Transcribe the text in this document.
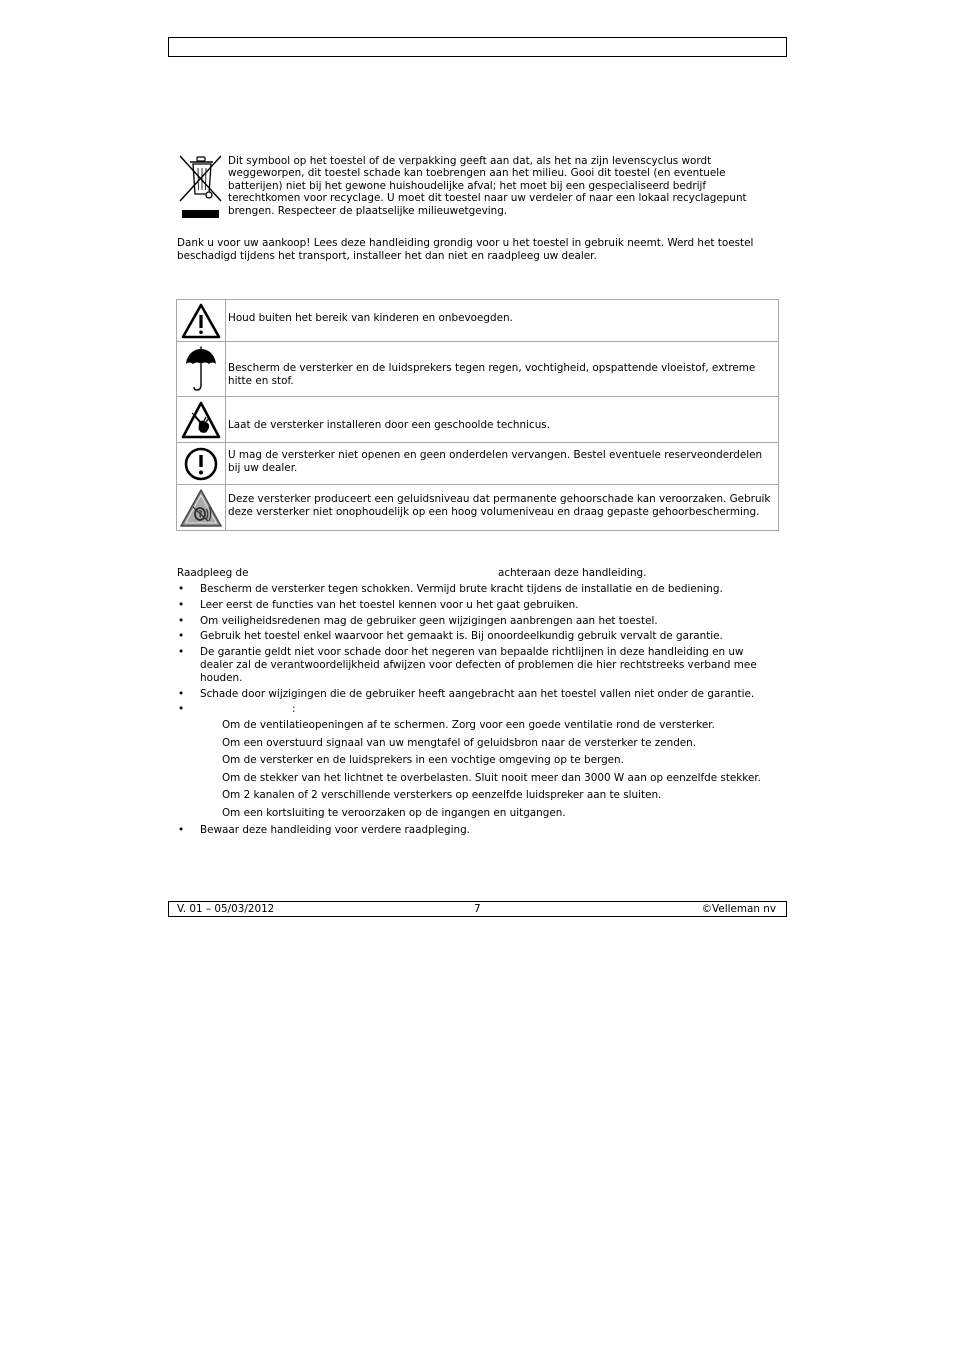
Dit symbool op het toestel of de verpakking geeft aan dat, als het na zijn levenscyclus wordt
weggeworpen, dit toestel schade kan toebrengen aan het milieu. Gooi dit toestel (en eventuele
batterijen) niet bij het gewone huishoudelijke afval; het moet bij een gespecialiseerd bedrijf
terechtkomen voor recyclage. U moet dit toestel naar uw verdeler of naar een lokaal recyclagepunt
brengen. Respecteer de plaatselijke milieuwetgeving.
Dank u voor uw aankoop! Lees deze handleiding grondig voor u het toestel in gebruik neemt. Werd het toestel
beschadigd tijdens het transport, installeer het dan niet en raadpleeg uw dealer.
Houd buiten het bereik van kinderen en onbevoegden.
Bescherm de versterker en de luidsprekers tegen regen, vochtigheid, opspattende vloeistof, extreme
hitte en stof.
Laat de versterker installeren door een geschoolde technicus.
U mag de versterker niet openen en geen onderdelen vervangen. Bestel eventuele reserveonderdelen
bij uw dealer.
Deze versterker produceert een geluidsniveau dat permanente gehoorschade kan veroorzaken. Gebruik
deze versterker niet onophoudelijk op een hoog volumeniveau en draag gepaste gehoorbescherming.
Raadpleeg de	achteraan deze handleiding.
• Bescherm de versterker tegen schokken. Vermijd brute kracht tijdens de installatie en de bediening.
• Leer eerst de functies van het toestel kennen voor u het gaat gebruiken.
• Om veiligheidsredenen mag de gebruiker geen wijzigingen aanbrengen aan het toestel.
• Gebruik het toestel enkel waarvoor het gemaakt is. Bij onoordeelkundig gebruik vervalt de garantie.
• De garantie geldt niet voor schade door het negeren van bepaalde richtlijnen in deze handleiding en uw
dealer zal de verantwoordelijkheid afwijzen voor defecten of problemen die hier rechtstreeks verband mee
houden.
• Schade door wijzigingen die de gebruiker heeft aangebracht aan het toestel vallen niet onder de garantie.
•	:
Om de ventilatieopeningen af te schermen. Zorg voor een goede ventilatie rond de versterker.
Om een overstuurd signaal van uw mengtafel of geluidsbron naar de versterker te zenden.
Om de versterker en de luidsprekers in een vochtige omgeving op te bergen.
Om de stekker van het lichtnet te overbelasten. Sluit nooit meer dan 3000 W aan op eenzelfde stekker.
Om 2 kanalen of 2 verschillende versterkers op eenzelfde luidspreker aan te sluiten.
Om een kortsluiting te veroorzaken op de ingangen en uitgangen.
• Bewaar deze handleiding voor verdere raadpleging.
V. 01 – 05/03/2012	7	©Velleman nv
